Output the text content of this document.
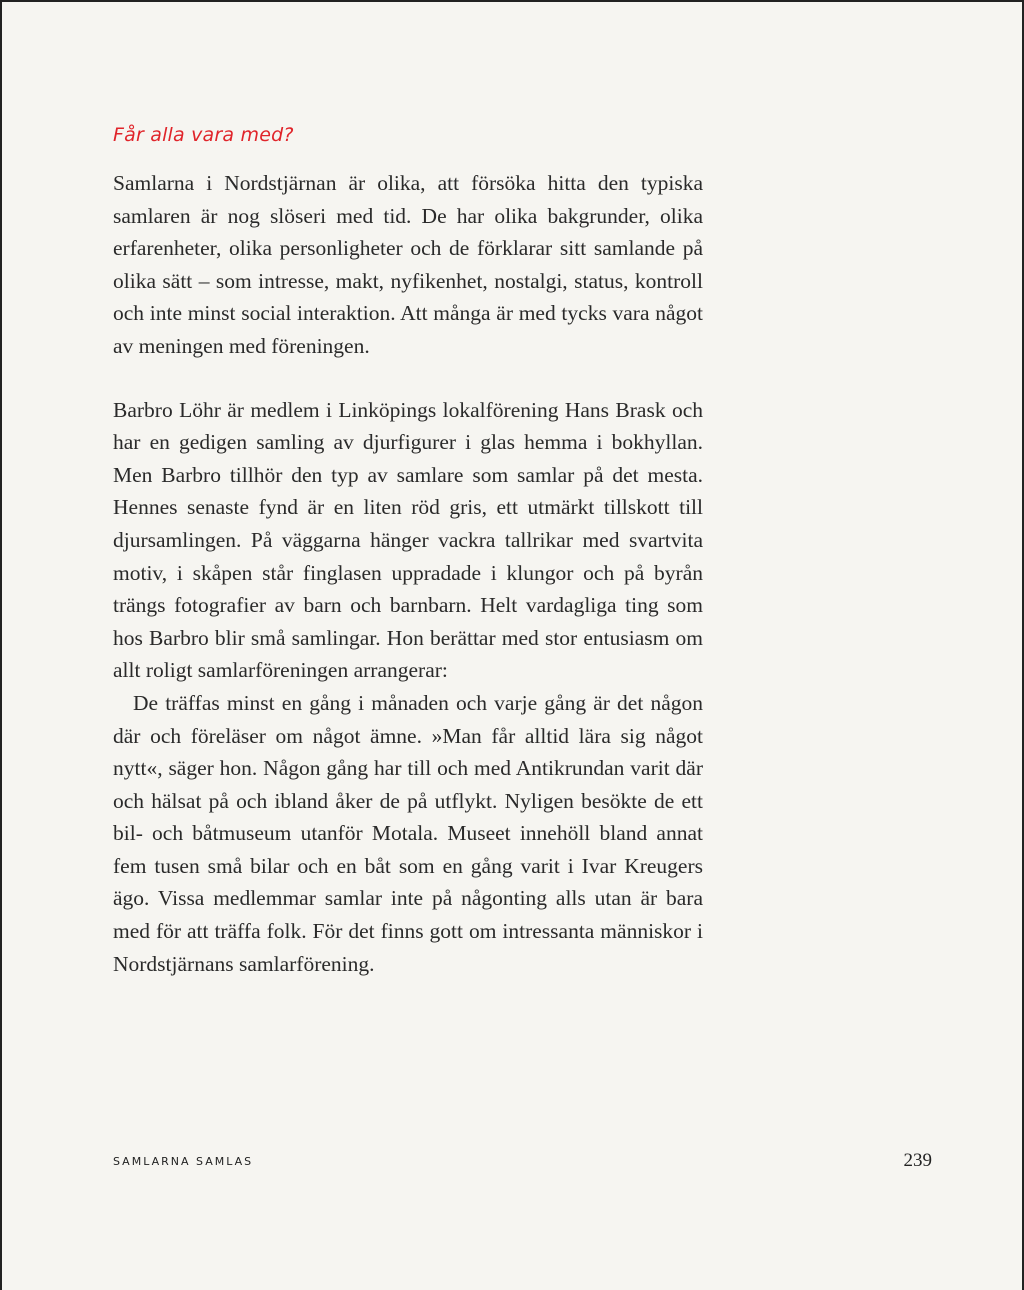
Får alla vara med?

Samlarna i Nordstjärnan är olika, att försöka hitta den typiska samlaren är nog slöseri med tid. De har olika bakgrunder, olika erfarenheter, olika personligheter och de förklarar sitt samlande på olika sätt – som intresse, makt, nyfikenhet, nostalgi, status, kontroll och inte minst social interaktion. Att många är med tycks vara något av meningen med föreningen.

Barbro Löhr är medlem i Linköpings lokalförening Hans Brask och har en gedigen samling av djurfigurer i glas hemma i bokhyllan. Men Barbro tillhör den typ av samlare som samlar på det mesta. Hennes senaste fynd är en liten röd gris, ett utmärkt tillskott till djursamlingen. På väggarna hänger vackra tallrikar med svartvita motiv, i skåpen står finglasen uppradade i klungor och på byrån trängs fotografier av barn och barnbarn. Helt vardagliga ting som hos Barbro blir små samlingar. Hon berättar med stor entusiasm om allt roligt samlarföreningen arrangerar:

De träffas minst en gång i månaden och varje gång är det någon där och föreläser om något ämne. »Man får alltid lära sig något nytt«, säger hon. Någon gång har till och med Antikrundan varit där och hälsat på och ibland åker de på utflykt. Nyligen besökte de ett bil- och båtmuseum utanför Motala. Museet innehöll bland annat fem tusen små bilar och en båt som en gång varit i Ivar Kreugers ägo. Vissa medlemmar samlar inte på någonting alls utan är bara med för att träffa folk. För det finns gott om intressanta människor i Nordstjärnans samlarförening.

SAMLARNA SAMLAS	239
